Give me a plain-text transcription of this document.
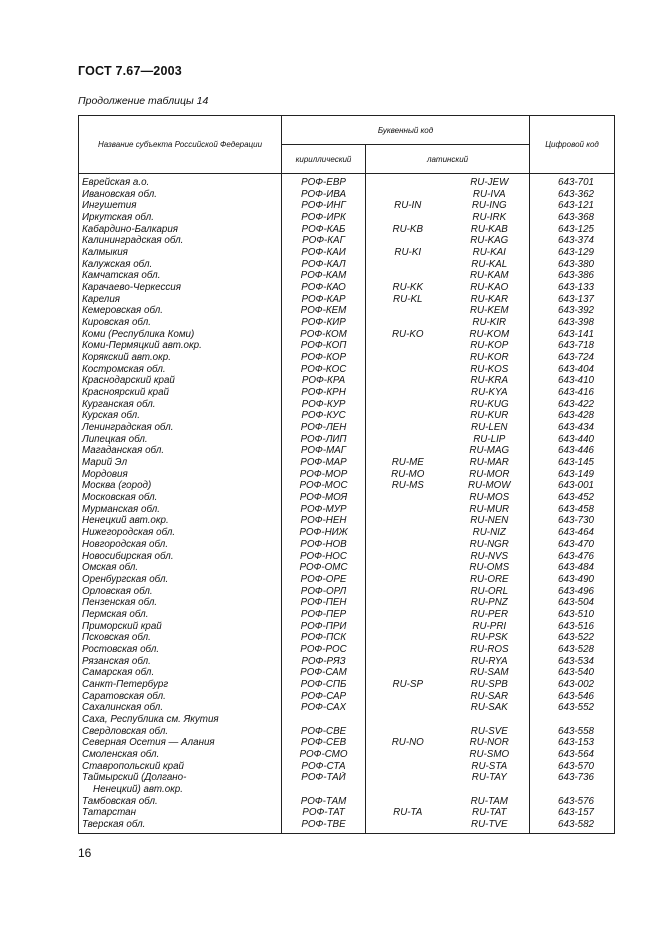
ГОСТ 7.67—2003
Продолжение таблицы 14
Название субъекта Российской Федерации	Буквенный код			Цифровой код
	кириллический	латинский		
Еврейская а.о.	РОФ-ЕВР		RU-JEW	643-701
Ивановская обл.	РОФ-ИВА		RU-IVA	643-362
Ингушетия	РОФ-ИНГ	RU-IN	RU-ING	643-121
Иркутская обл.	РОФ-ИРК		RU-IRK	643-368
Кабардино-Балкария	РОФ-КАБ	RU-KB	RU-KAB	643-125
Калининградская обл.	РОФ-КАГ		RU-KAG	643-374
Калмыкия	РОФ-КАИ	RU-KI	RU-KAI	643-129
Калужская обл.	РОФ-КАЛ		RU-KAL	643-380
Камчатская обл.	РОФ-КАМ		RU-KAM	643-386
Карачаево-Черкессия	РОФ-КАО	RU-KK	RU-KAO	643-133
Карелия	РОФ-КАР	RU-KL	RU-KAR	643-137
Кемеровская обл.	РОФ-КЕМ		RU-KEM	643-392
Кировская обл.	РОФ-КИР		RU-KIR	643-398
Коми (Республика Коми)	РОФ-КОМ	RU-KO	RU-KOM	643-141
Коми-Пермяцкий авт.окр.	РОФ-КОП		RU-KOP	643-718
Корякский авт.окр.	РОФ-КОР		RU-KOR	643-724
Костромская обл.	РОФ-КОС		RU-KOS	643-404
Краснодарский край	РОФ-КРА		RU-KRA	643-410
Красноярский край	РОФ-КРН		RU-KYA	643-416
Курганская обл.	РОФ-КУР		RU-KUG	643-422
Курская обл.	РОФ-КУС		RU-KUR	643-428
Ленинградская обл.	РОФ-ЛЕН		RU-LEN	643-434
Липецкая обл.	РОФ-ЛИП		RU-LIP	643-440
Магаданская обл.	РОФ-МАГ		RU-MAG	643-446
Марий Эл	РОФ-МАР	RU-ME	RU-MAR	643-145
Мордовия	РОФ-МОР	RU-MO	RU-MOR	643-149
Москва (город)	РОФ-МОС	RU-MS	RU-MOW	643-001
Московская обл.	РОФ-МОЯ		RU-MOS	643-452
Мурманская обл.	РОФ-МУР		RU-MUR	643-458
Ненецкий авт.окр.	РОФ-НЕН		RU-NEN	643-730
Нижегородская обл.	РОФ-НИЖ		RU-NIZ	643-464
Новгородская обл.	РОФ-НОВ		RU-NGR	643-470
Новосибирская обл.	РОФ-НОС		RU-NVS	643-476
Омская обл.	РОФ-ОМС		RU-OMS	643-484
Оренбургская обл.	РОФ-ОРЕ		RU-ORE	643-490
Орловская обл.	РОФ-ОРЛ		RU-ORL	643-496
Пензенская обл.	РОФ-ПЕН		RU-PNZ	643-504
Пермская обл.	РОФ-ПЕР		RU-PER	643-510
Приморский край	РОФ-ПРИ		RU-PRI	643-516
Псковская обл.	РОФ-ПСК		RU-PSK	643-522
Ростовская обл.	РОФ-РОС		RU-ROS	643-528
Рязанская обл.	РОФ-РЯЗ		RU-RYA	643-534
Самарская обл.	РОФ-САМ		RU-SAM	643-540
Санкт-Петербург	РОФ-СПБ	RU-SP	RU-SPB	643-002
Саратовская обл.	РОФ-САР		RU-SAR	643-546
Сахалинская обл.	РОФ-САХ		RU-SAK	643-552
Саха, Республика см. Якутия				
Свердловская обл.	РОФ-СВЕ		RU-SVE	643-558
Северная Осетия — Алания	РОФ-СЕВ	RU-NO	RU-NOR	643-153
Смоленская обл.	РОФ-СМО		RU-SMO	643-564
Ставропольский край	РОФ-СТА		RU-STA	643-570
Таймырский (Долгано-	РОФ-ТАЙ		RU-TAY	643-736
Ненецкий) авт.окр.				
Тамбовская обл.	РОФ-ТАМ		RU-TAM	643-576
Татарстан	РОФ-ТАТ	RU-TA	RU-TAT	643-157
Тверская обл.	РОФ-ТВЕ		RU-TVE	643-582
16
